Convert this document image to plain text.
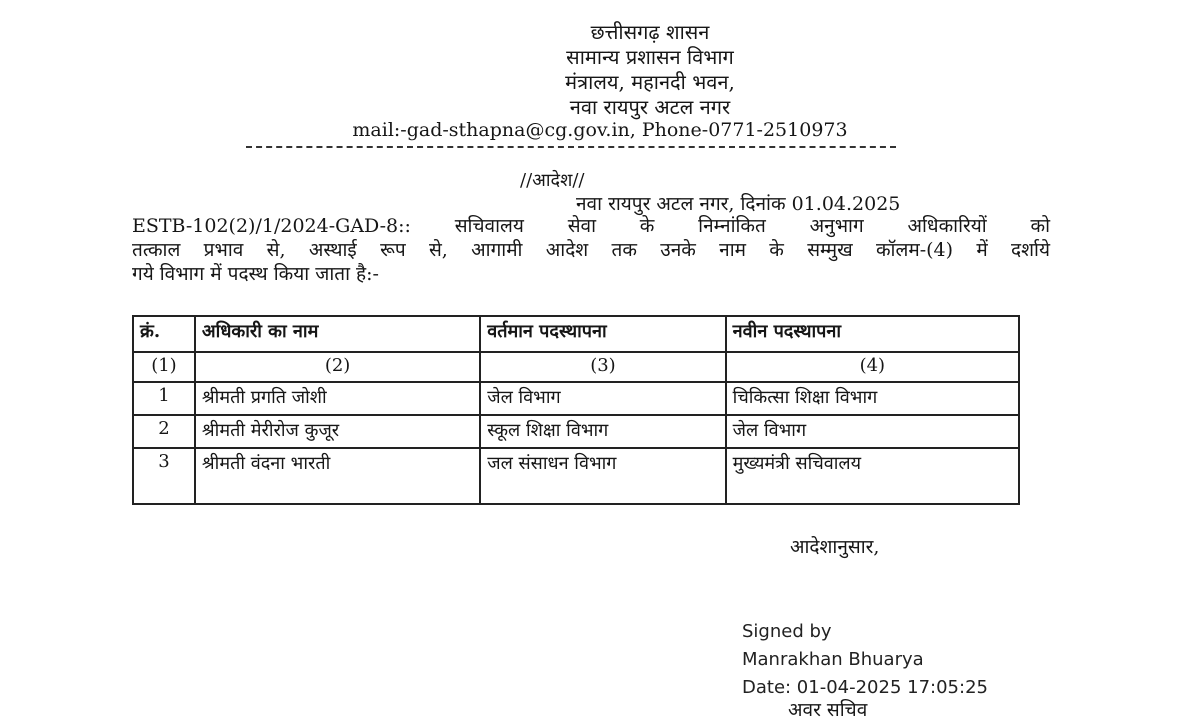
छत्तीसगढ़ शासन
सामान्य प्रशासन विभाग
मंत्रालय, महानदी भवन,
नवा रायपुर अटल नगर
mail:-gad-sthapna@cg.gov.in, Phone-0771-2510973
//आदेश//
नवा रायपुर अटल नगर, दिनांक 01.04.2025
ESTB-102(2)/1/2024-GAD-8:: सचिवालय सेवा के निम्नांकित अनुभाग अधिकारियों को
तत्काल प्रभाव से, अस्थाई रूप से, आगामी आदेश तक उनके नाम के सम्मुख कॉलम-(4) में दर्शाये
गये विभाग में पदस्थ किया जाता है:-
क्रं.	अधिकारी का नाम	वर्तमान पदस्थापना	नवीन पदस्थापना
(1)	(2)	(3)	(4)
1	श्रीमती प्रगति जोशी	जेल विभाग	चिकित्सा शिक्षा विभाग
2	श्रीमती मेरीरोज कुजूर	स्कूल शिक्षा विभाग	जेल विभाग
3	श्रीमती वंदना भारती	जल संसाधन विभाग	मुख्यमंत्री सचिवालय
आदेशानुसार,
Signed by
Manrakhan Bhuarya
Date: 01-04-2025 17:05:25
अवर सचिव
